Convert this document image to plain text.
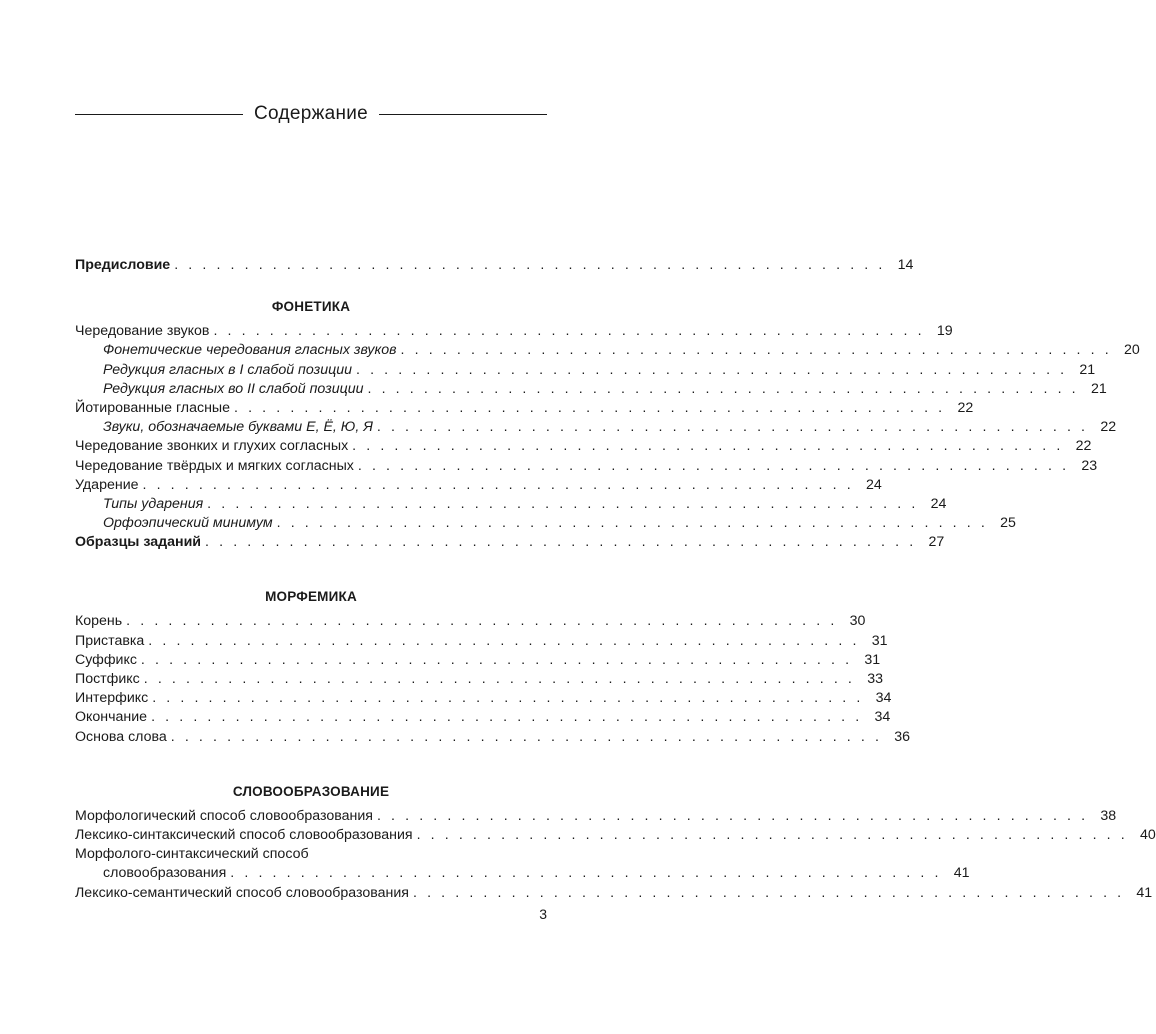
Содержание
Предисловие . . . . . . . . . . . . . . . . . . . . . . . . . . . . . . . . . . . . . . . . . . . . . . . . . . . 14
ФОНЕТИКА
Чередование звуков . . . . . . . . . . . . . . . . . . . . . . . . . . . . . . . . . . . . . . . . . . . . . . . . . . . 19
Фонетические чередования гласных звуков . . . . . . . . . . . . . . . . . . . . . . . . . . . . . . . . . . . . . . . . . . . . . . . . . . . 20
Редукция гласных в I слабой позиции . . . . . . . . . . . . . . . . . . . . . . . . . . . . . . . . . . . . . . . . . . . . . . . . . . . 21
Редукция гласных во II слабой позиции . . . . . . . . . . . . . . . . . . . . . . . . . . . . . . . . . . . . . . . . . . . . . . . . . . . 21
Йотированные гласные . . . . . . . . . . . . . . . . . . . . . . . . . . . . . . . . . . . . . . . . . . . . . . . . . . . 22
Звуки, обозначаемые буквами Е, Ё, Ю, Я . . . . . . . . . . . . . . . . . . . . . . . . . . . . . . . . . . . . . . . . . . . . . . . . . . . 22
Чередование звонких и глухих согласных . . . . . . . . . . . . . . . . . . . . . . . . . . . . . . . . . . . . . . . . . . . . . . . . . . . 22
Чередование твёрдых и мягких согласных . . . . . . . . . . . . . . . . . . . . . . . . . . . . . . . . . . . . . . . . . . . . . . . . . . . 23
Ударение . . . . . . . . . . . . . . . . . . . . . . . . . . . . . . . . . . . . . . . . . . . . . . . . . . . 24
Типы ударения . . . . . . . . . . . . . . . . . . . . . . . . . . . . . . . . . . . . . . . . . . . . . . . . . . . 24
Орфоэпический минимум . . . . . . . . . . . . . . . . . . . . . . . . . . . . . . . . . . . . . . . . . . . . . . . . . . . 25
Образцы заданий . . . . . . . . . . . . . . . . . . . . . . . . . . . . . . . . . . . . . . . . . . . . . . . . . . . 27
МОРФЕМИКА
Корень . . . . . . . . . . . . . . . . . . . . . . . . . . . . . . . . . . . . . . . . . . . . . . . . . . . 30
Приставка . . . . . . . . . . . . . . . . . . . . . . . . . . . . . . . . . . . . . . . . . . . . . . . . . . . 31
Суффикс . . . . . . . . . . . . . . . . . . . . . . . . . . . . . . . . . . . . . . . . . . . . . . . . . . . 31
Постфикс . . . . . . . . . . . . . . . . . . . . . . . . . . . . . . . . . . . . . . . . . . . . . . . . . . . 33
Интерфикс . . . . . . . . . . . . . . . . . . . . . . . . . . . . . . . . . . . . . . . . . . . . . . . . . . . 34
Окончание . . . . . . . . . . . . . . . . . . . . . . . . . . . . . . . . . . . . . . . . . . . . . . . . . . . 34
Основа слова . . . . . . . . . . . . . . . . . . . . . . . . . . . . . . . . . . . . . . . . . . . . . . . . . . . 36
СЛОВООБРАЗОВАНИЕ
Морфологический способ словообразования . . . . . . . . . . . . . . . . . . . . . . . . . . . . . . . . . . . . . . . . . . . . . . . . . . . 38
Лексико-синтаксический способ словообразования . . . . . . . . . . . . . . . . . . . . . . . . . . . . . . . . . . . . . . . . . . . . . . . . . . . 40
Морфолого-синтаксический способ
словообразования . . . . . . . . . . . . . . . . . . . . . . . . . . . . . . . . . . . . . . . . . . . . . . . . . . . 41
Лексико-семантический способ словообразования . . . . . . . . . . . . . . . . . . . . . . . . . . . . . . . . . . . . . . . . . . . . . . . . . . . 41
3
